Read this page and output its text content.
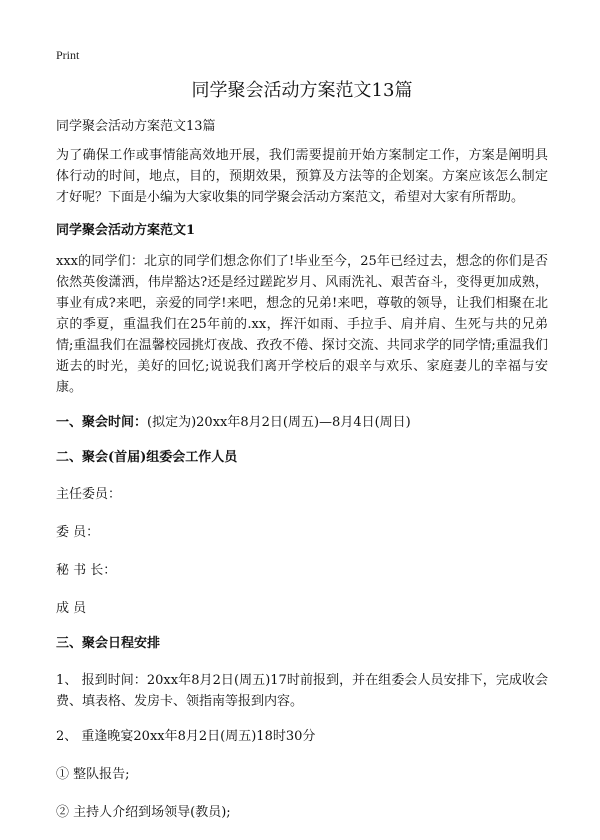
Print
同学聚会活动方案范文13篇
同学聚会活动方案范文13篇
为了确保工作或事情能高效地开展，我们需要提前开始方案制定工作，方案是阐明具体行动的时间，地点，目的，预期效果，预算及方法等的企划案。方案应该怎么制定才好呢？下面是小编为大家收集的同学聚会活动方案范文，希望对大家有所帮助。
同学聚会活动方案范文1
xxx的同学们：北京的同学们想念你们了!毕业至今，25年已经过去，想念的你们是否依然英俊潇洒，伟岸豁达?还是经过蹉跎岁月、风雨洗礼、艰苦奋斗，变得更加成熟，事业有成?来吧，亲爱的同学!来吧，想念的兄弟!来吧，尊敬的领导，让我们相聚在北京的季夏，重温我们在25年前的.xx，挥汗如雨、手拉手、肩并肩、生死与共的兄弟情;重温我们在温馨校园挑灯夜战、孜孜不倦、探讨交流、共同求学的同学情;重温我们逝去的时光，美好的回忆;说说我们离开学校后的艰辛与欢乐、家庭妻儿的幸福与安康。
一、聚会时间：(拟定为)20xx年8月2日(周五)—8月4日(周日)
二、聚会(首届)组委会工作人员
主任委员：
委 员：
秘 书 长：
成 员
三、聚会日程安排
1、 报到时间：20xx年8月2日(周五)17时前报到，并在组委会人员安排下，完成收会费、填表格、发房卡、领指南等报到内容。
2、 重逢晚宴20xx年8月2日(周五)18时30分
① 整队报告;
② 主持人介绍到场领导(教员);
